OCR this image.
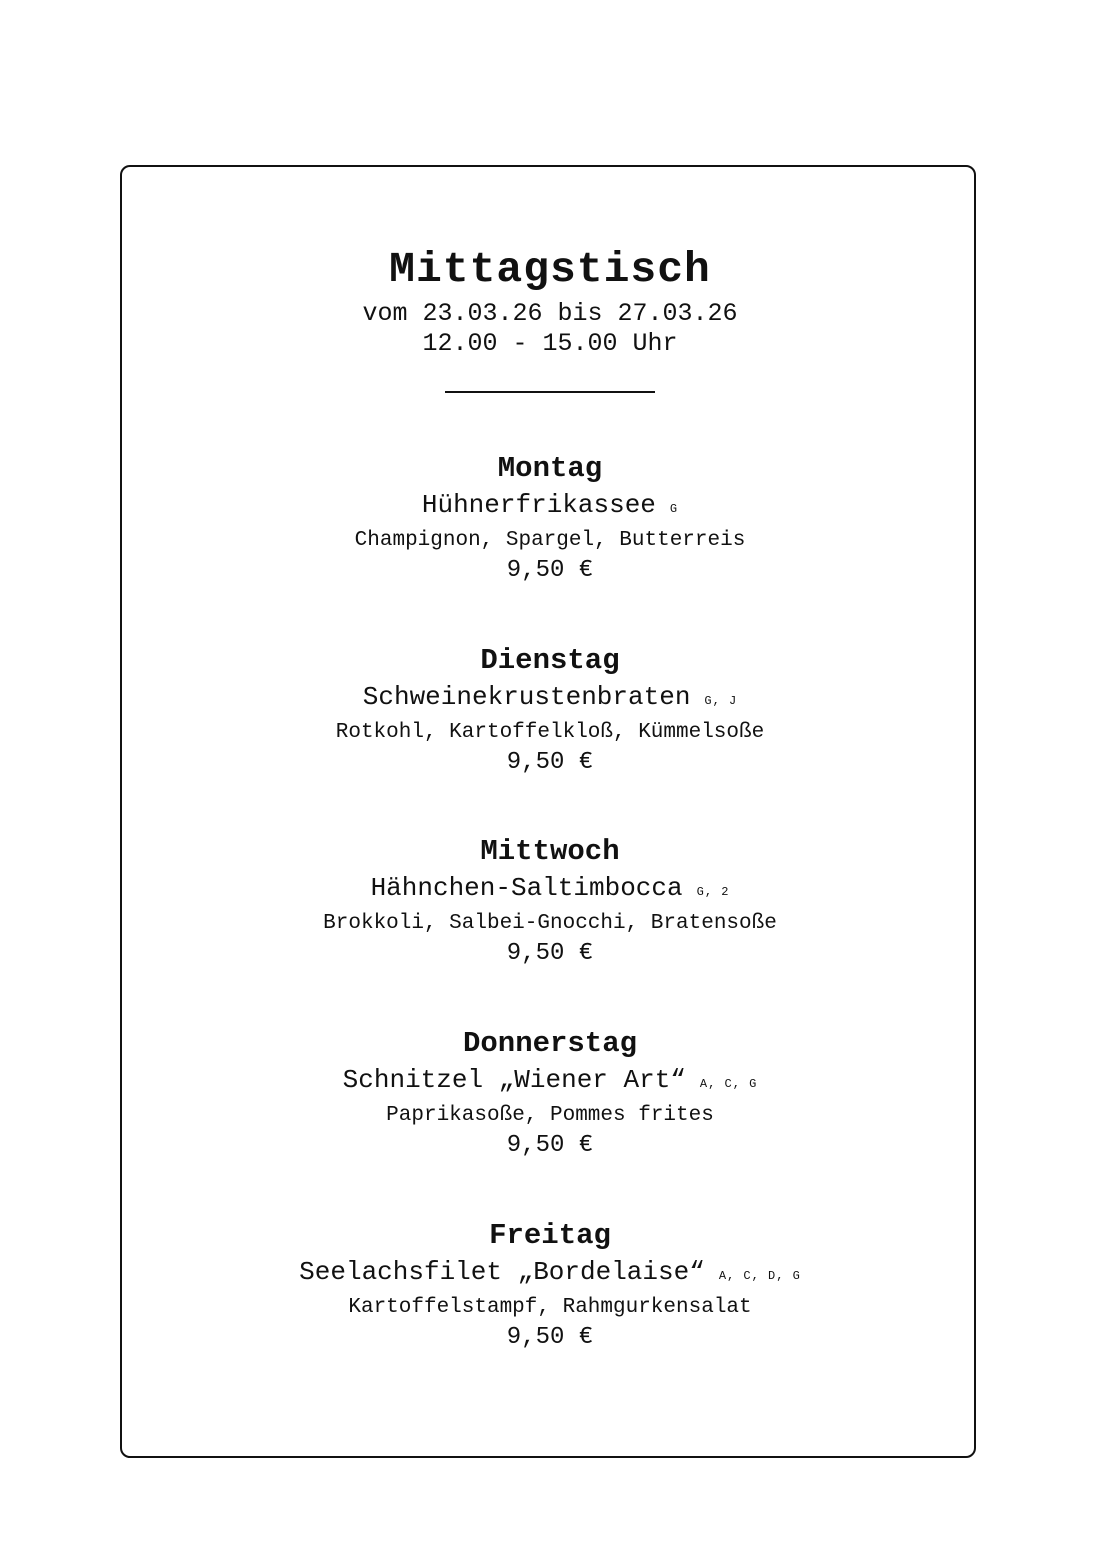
Mittagstisch
vom 23.03.26 bis 27.03.26
12.00 - 15.00 Uhr
Montag
Hühnerfrikassee G
Champignon, Spargel, Butterreis
9,50 €
Dienstag
Schweinekrustenbraten G, J
Rotkohl, Kartoffelkloß, Kümmelsoße
9,50 €
Mittwoch
Hähnchen-Saltimbocca G, 2
Brokkoli, Salbei-Gnocchi, Bratensoße
9,50 €
Donnerstag
Schnitzel „Wiener Art“ A, C, G
Paprikasoße, Pommes frites
9,50 €
Freitag
Seelachsfilet „Bordelaise“ A, C, D, G
Kartoffelstampf, Rahmgurkensalat
9,50 €
